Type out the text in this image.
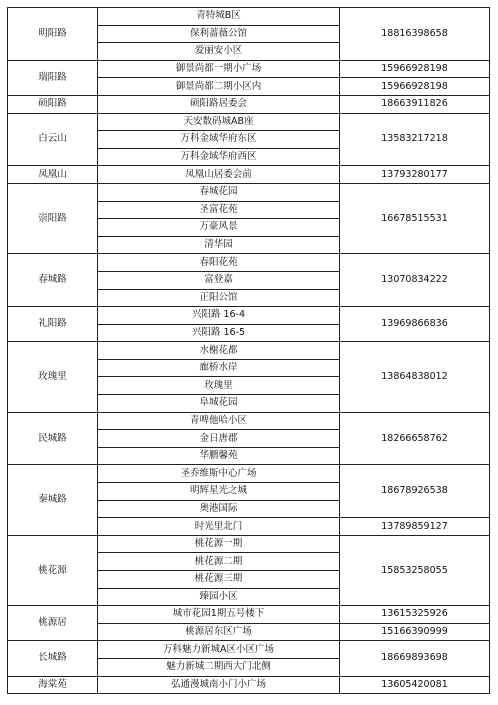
明阳路	青特城B区	18816398658
	保利蔷薇公馆	
	爱丽安小区	
瑞阳路	御景尚都一期小广场	15966928198
	御景尚都二期小区内	15966928198
硕阳路	硕阳路居委会	18663911826
白云山	天安数码城AB座	13583217218
	万科金域华府东区	
	万科金域华府西区	
凤凰山	凤凰山居委会前	13793280177
崇阳路	春城花园	16678515531
	圣富花苑	
	万豪风景	
	清华园	
春城路	春阳花苑	13070834222
	富登嘉	
	正阳公馆	
礼阳路	兴阳路 16-4	13969866836
	兴阳路 16-5	
玫瑰里	水榭花都	13864838012
	廊桥水岸	
	玫瑰里	
	阜城花园	
民城路	青啤他哈小区	18266658762
	金日唐郡	
	华鹏馨苑	
秦城路	圣乔维斯中心广场	18678926538
	明辉星光之城	
	奥港国际	
	时光里北门	13789859127
桃花源	桃花源一期	15853258055
	桃花源二期	
	桃花源三期	
	臻园小区	
桃源居	城市花园1期五号楼下	13615325926
	桃源居东区广场	15166390999
长城路	万科魅力新城A区小区广场	18669893698
	魅力新城二期西大门北侧	
海棠苑	弘通漫城南小门小广场	13605420081
